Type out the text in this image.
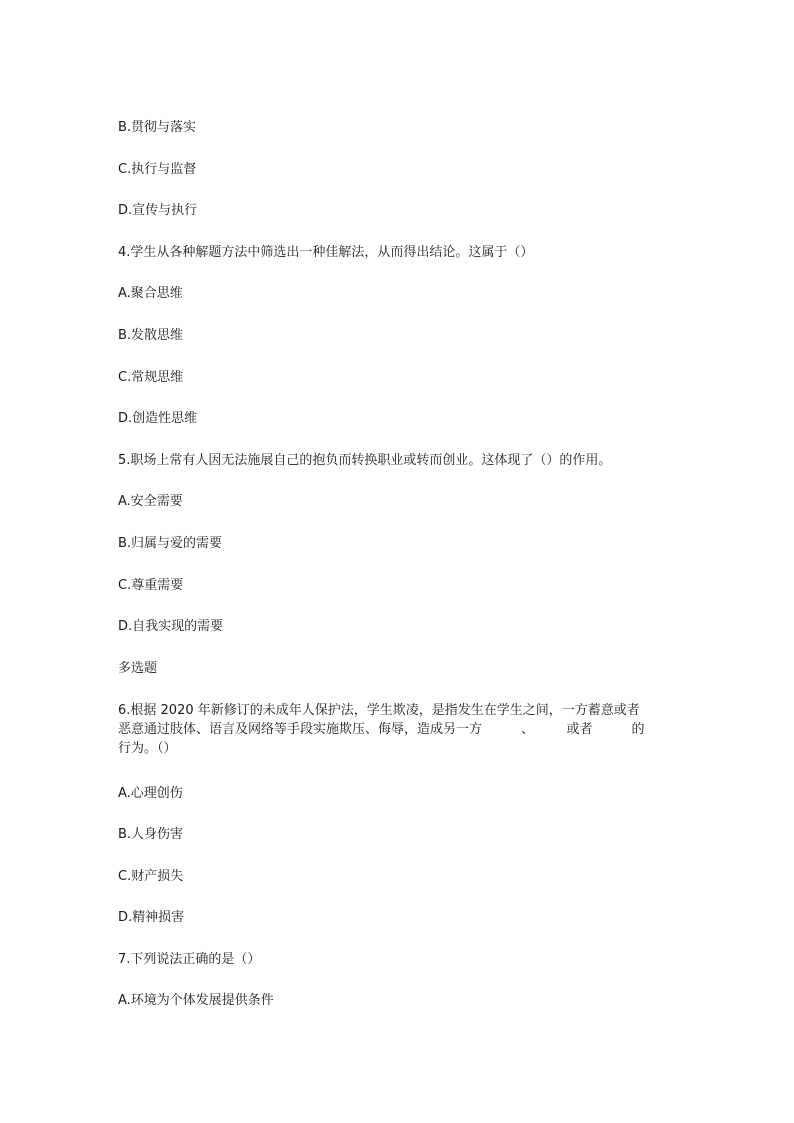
B.贯彻与落实
C.执行与监督
D.宣传与执行
4.学生从各种解题方法中筛选出一种佳解法，从而得出结论。这属于（）
A.聚合思维
B.发散思维
C.常规思维
D.创造性思维
5.职场上常有人因无法施展自己的抱负而转换职业或转而创业。这体现了（）的作用。
A.安全需要
B.归属与爱的需要
C.尊重需要
D.自我实现的需要
多选题
6.根据 2020 年新修订的未成年人保护法，学生欺凌，是指发生在学生之间，一方蓄意或者
恶意通过肢体、语言及网络等手段实施欺压、侮辱，造成另一方　　　、　　　或者　　　的
行为。（）
A.心理创伤
B.人身伤害
C.财产损失
D.精神损害
7.下列说法正确的是（）
A.环境为个体发展提供条件
